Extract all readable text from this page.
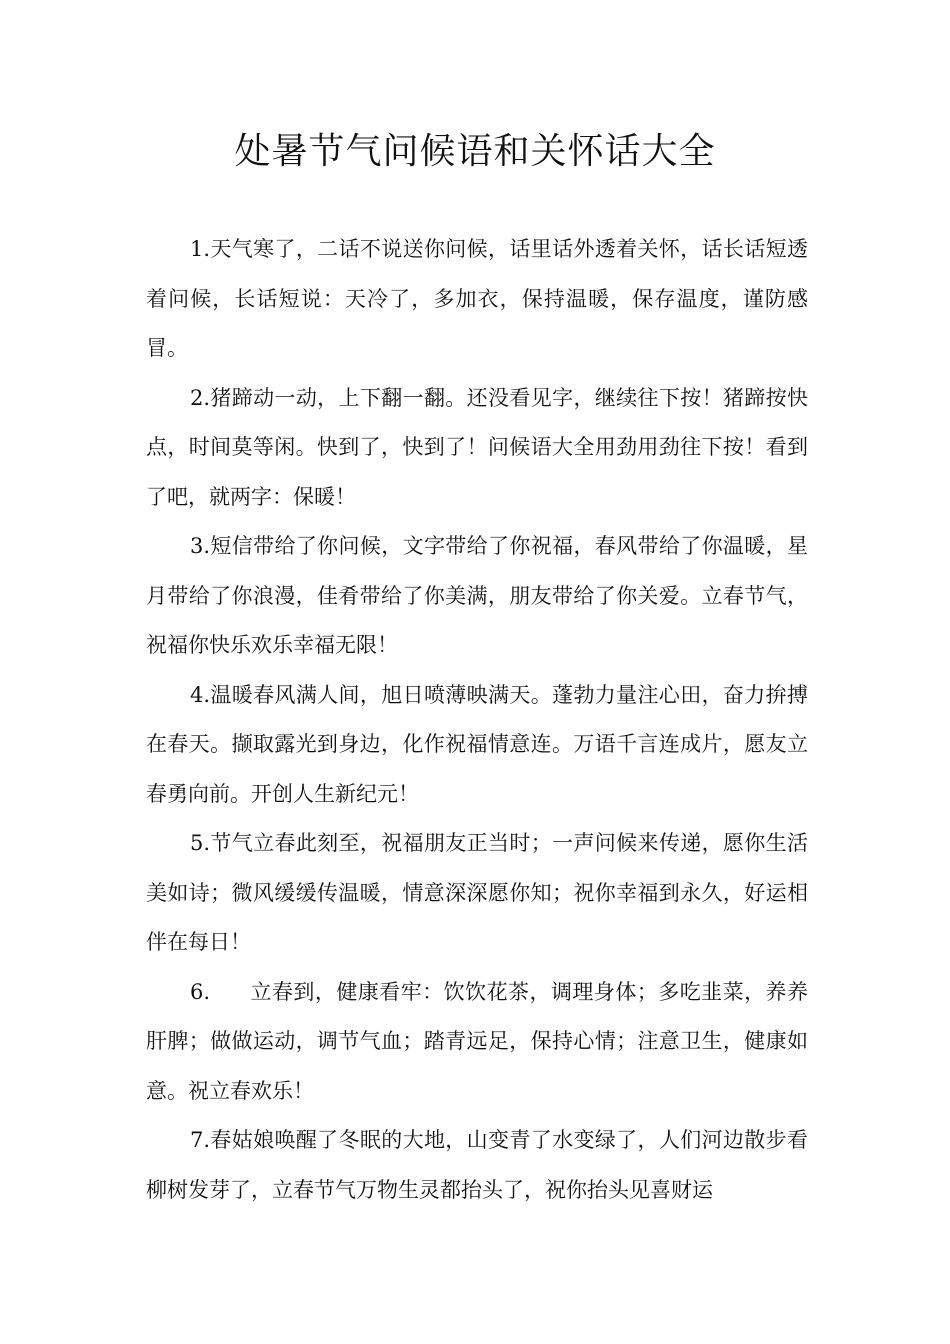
处暑节气问候语和关怀话大全

1.天气寒了，二话不说送你问候，话里话外透着关怀，话长话短透着问候，长话短说：天冷了，多加衣，保持温暖，保存温度，谨防感冒。

2.猪蹄动一动，上下翻一翻。还没看见字，继续往下按！猪蹄按快点，时间莫等闲。快到了，快到了！问候语大全用劲用劲往下按！看到了吧，就两字：保暖！

3.短信带给了你问候，文字带给了你祝福，春风带给了你温暖，星月带给了你浪漫，佳肴带给了你美满，朋友带给了你关爱。立春节气，祝福你快乐欢乐幸福无限！

4.温暖春风满人间，旭日喷薄映满天。蓬勃力量注心田，奋力拚搏在春天。撷取露光到身边，化作祝福情意连。万语千言连成片，愿友立春勇向前。开创人生新纪元！

5.节气立春此刻至，祝福朋友正当时；一声问候来传递，愿你生活美如诗；微风缓缓传温暖，情意深深愿你知；祝你幸福到永久，好运相伴在每日！

6. 立春到，健康看牢：饮饮花茶，调理身体；多吃韭菜，养养肝脾；做做运动，调节气血；踏青远足，保持心情；注意卫生，健康如意。祝立春欢乐！

7.春姑娘唤醒了冬眠的大地，山变青了水变绿了，人们河边散步看柳树发芽了，立春节气万物生灵都抬头了，祝你抬头见喜财运
